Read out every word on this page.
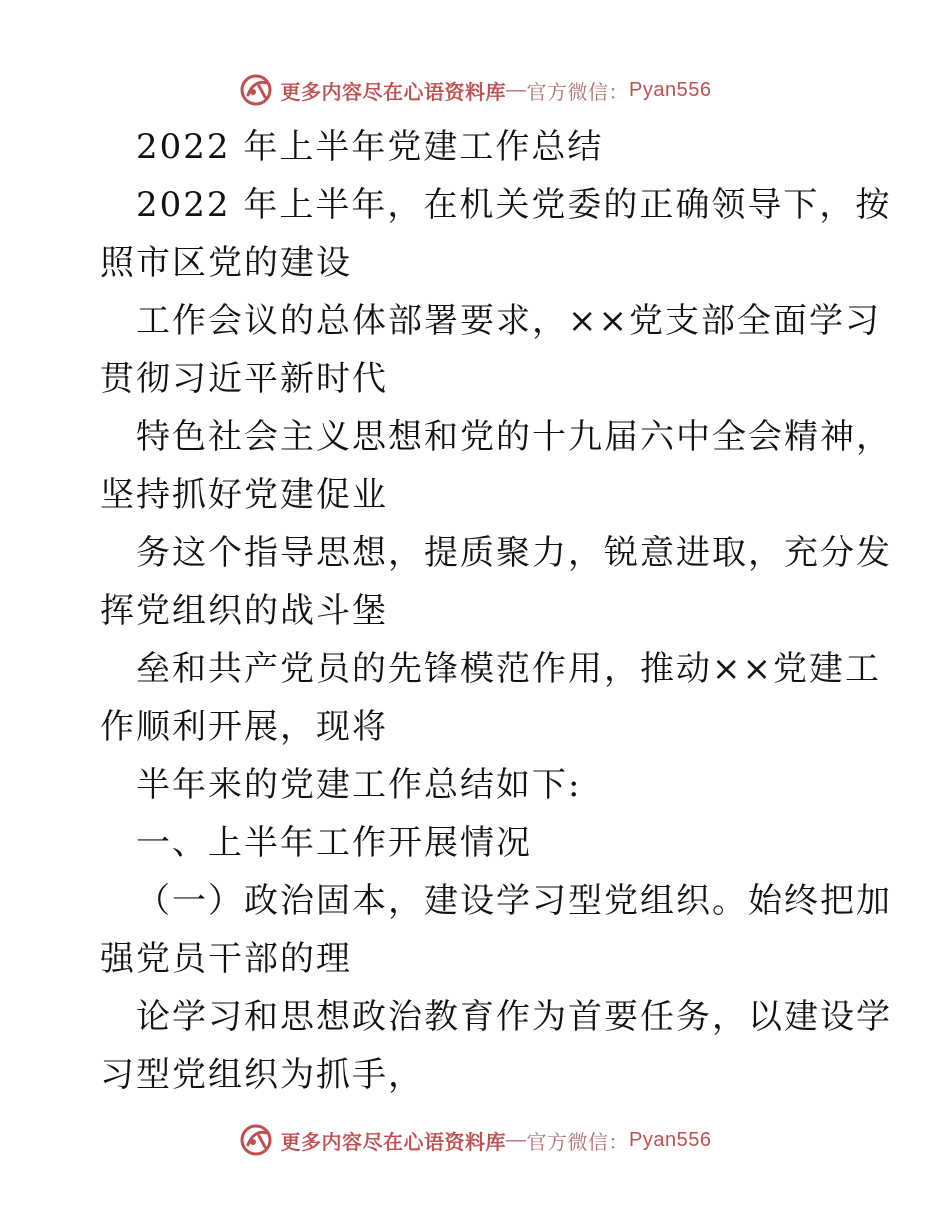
更多内容尽在心语资料库 — 官方微信： Pyan556
2022 年上半年党建工作总结
2022 年上半年，在机关党委的正确领导下，按
照市区党的建设
工作会议的总体部署要求，××党支部全面学习
贯彻习近平新时代
特色社会主义思想和党的十九届六中全会精神，
坚持抓好党建促业
务这个指导思想，提质聚力，锐意进取，充分发
挥党组织的战斗堡
垒和共产党员的先锋模范作用，推动××党建工
作顺利开展，现将
半年来的党建工作总结如下:
一、上半年工作开展情况
（一）政治固本，建设学习型党组织。始终把加
强党员干部的理
论学习和思想政治教育作为首要任务，以建设学
习型党组织为抓手，
更多内容尽在心语资料库 — 官方微信： Pyan556
